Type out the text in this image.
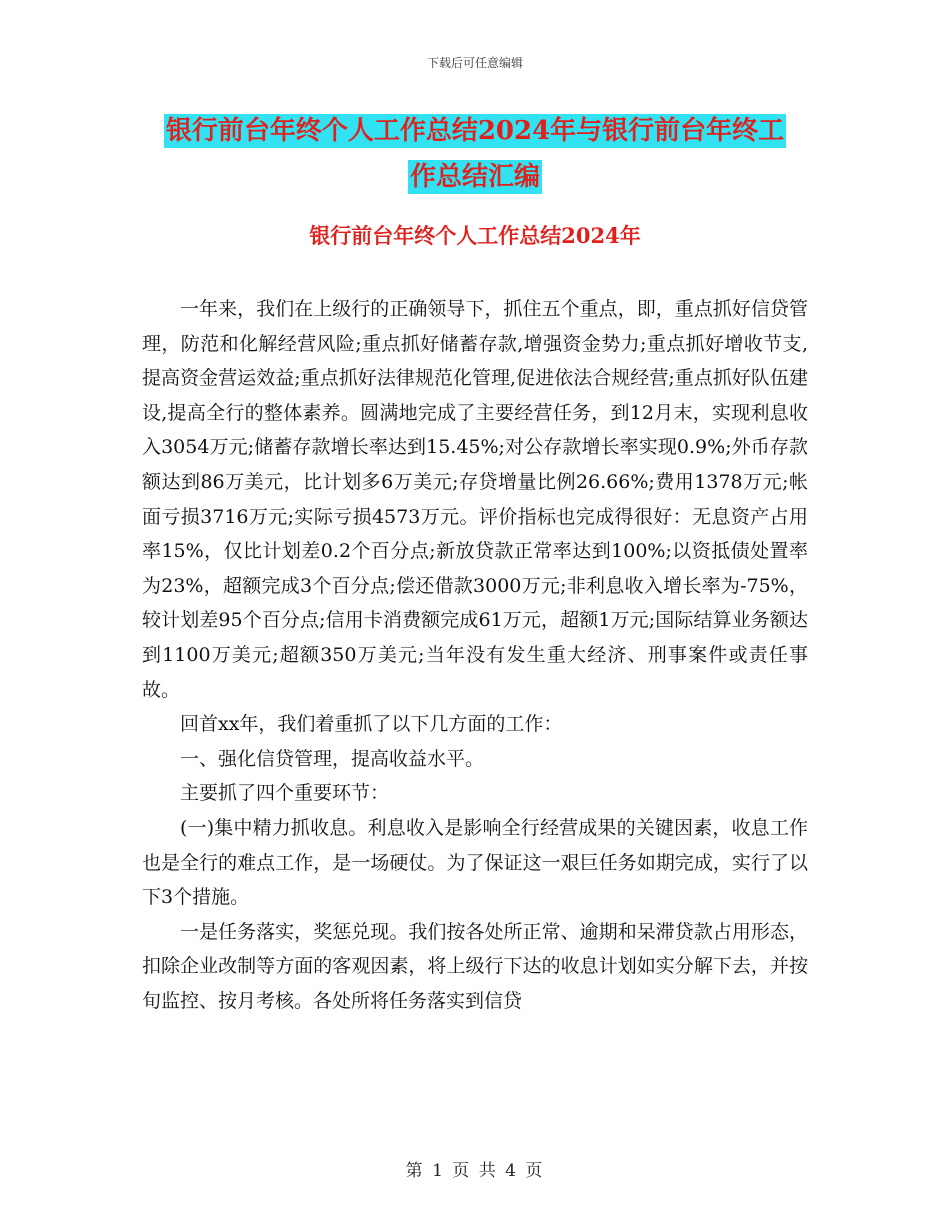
下载后可任意编辑
银行前台年终个人工作总结2024年与银行前台年终工
作总结汇编
银行前台年终个人工作总结2024年

一年来，我们在上级行的正确领导下，抓住五个重点，即，重点抓好信贷管理，防范和化解经营风险;重点抓好储蓄存款,增强资金势力;重点抓好增收节支,提高资金营运效益;重点抓好法律规范化管理,促进依法合规经营;重点抓好队伍建设,提高全行的整体素养。圆满地完成了主要经营任务，到12月末，实现利息收入3054万元;储蓄存款增长率达到15.45%;对公存款增长率实现0.9%;外币存款额达到86万美元，比计划多6万美元;存贷增量比例26.66%;费用1378万元;帐面亏损3716万元;实际亏损4573万元。评价指标也完成得很好：无息资产占用率15%，仅比计划差0.2个百分点;新放贷款正常率达到100%;以资抵债处置率为23%，超额完成3个百分点;偿还借款3000万元;非利息收入增长率为-75%，较计划差95个百分点;信用卡消费额完成61万元，超额1万元;国际结算业务额达到1100万美元;超额350万美元;当年没有发生重大经济、刑事案件或责任事故。

回首xx年，我们着重抓了以下几方面的工作：

一、强化信贷管理，提高收益水平。

主要抓了四个重要环节：

(一)集中精力抓收息。利息收入是影响全行经营成果的关键因素，收息工作也是全行的难点工作，是一场硬仗。为了保证这一艰巨任务如期完成，实行了以下3个措施。

一是任务落实，奖惩兑现。我们按各处所正常、逾期和呆滞贷款占用形态，扣除企业改制等方面的客观因素，将上级行下达的收息计划如实分解下去，并按旬监控、按月考核。各处所将任务落实到信贷

第 1 页 共 4 页
